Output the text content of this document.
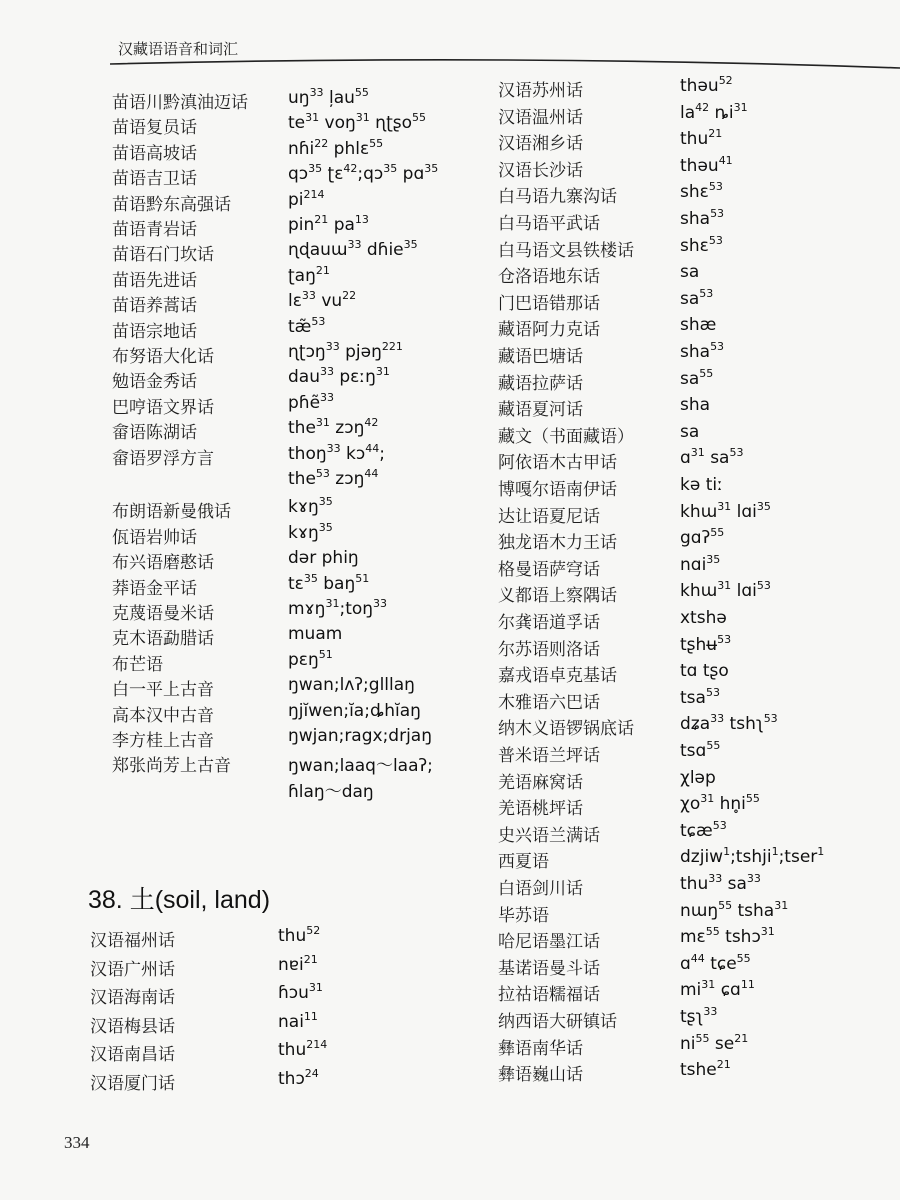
汉藏语语音和词汇
苗语川黔滇油迈话 $uŋ^{33}$ ļau$^{55}$
苗语复员话	$te^{31}$ voŋ$^{31}$ ɳʈʂo$^{55}$
苗语高坡话	nɦi$^{22}$ phlɛ$^{55}$
苗语吉卫话	qɔ$^{35}$ ʈɛ$^{42}$;qɔ$^{35}$ pɑ$^{35}$
苗语黔东高强话	$pi^{214}$
苗语青岩话	pin$^{21}$ $pa^{13}$
苗语石门坎话	ɳɖauɯ$^{33}$ dɦie$^{35}$
苗语先进话	ʈaŋ$^{21}$
苗语养蒿话	lɛ$^{33}$ $vu^{22}$
苗语宗地话	tæ̃$^{53}$
布努语大化话	ɳʈɔŋ$^{33}$ pjəŋ$^{221}$
勉语金秀话	dau$^{33}$ pɛːŋ$^{31}$
巴哼语文界话	pɦẽ$^{33}$
畲语陈湖话	the$^{31}$ zɔŋ$^{42}$
畲语罗浮方言	thoŋ$^{33}$ kɔ$^{44}$;
the$^{53}$ zɔŋ$^{44}$
布朗语新曼俄话	kɤŋ$^{35}$
佤语岩帅话	kɤŋ$^{35}$
布兴语磨憨话	dər phiŋ
莽语金平话	tɛ$^{35}$ baŋ$^{51}$
克蔑语曼米话	mɤŋ$^{31}$;toŋ$^{33}$
克木语勐腊话	muam
布芒语	pɛŋ$^{51}$
白一平上古音	ŋwan;lʌʔ;glllaŋ
高本汉中古音	ŋjĭwen;ĭa;ȡhĭaŋ
李方桂上古音	ŋwjan;ragx;drjaŋ
郑张尚芳上古音	ŋwan;laaq～laaʔ;
ɦlaŋ～daŋ
38. 土(soil, land)
汉语福州话	thu$^{52}$
汉语广州话	nɐi$^{21}$
汉语海南话	ɦɔu$^{31}$
汉语梅县话	nai$^{11}$
汉语南昌话	thu$^{214}$
汉语厦门话	thɔ$^{24}$
汉语苏州话	thəu$^{52}$
汉语温州话	$la^{42}$ $ȵi^{31}$
汉语湘乡话	thu$^{21}$
汉语长沙话	thəu$^{41}$
白马语九寨沟话	shɛ$^{53}$
白马语平武话	sha$^{53}$
白马语文县铁楼话	shɛ$^{53}$
仓洛语地东话	sa
门巴语错那话	$sa^{53}$
藏语阿力克话	shæ
藏语巴塘话	sha$^{53}$
藏语拉萨话	$sa^{55}$
藏语夏河话	sha
藏文（书面藏语）	sa
阿依语木古甲话	ɑ$^{31}$ $sa^{53}$
博嘎尔语南伊话	kə tiː
达让语夏尼话	khɯ$^{31}$ lɑi$^{35}$
独龙语木力王话	gɑʔ$^{55}$
格曼语萨穹话	nɑi$^{35}$
义都语上察隅话	khɯ$^{31}$ lɑi$^{53}$
尔龚语道孚话	xtshə
尔苏语则洛话	tʂhʉ$^{53}$
嘉戎语卓克基话	tɑ tʂo
木雅语六巴话	tsa$^{53}$
纳木义语锣锅底话	dʑa$^{33}$ tshʅ$^{53}$
普米语兰坪话	tsɑ$^{55}$
羌语麻窝话	χləp
羌语桃坪话	$\chi o^{31}$ $hn̥i^{55}$
史兴语兰满话	tɕæ$^{53}$
西夏语	dzjiw$^1$;tshji$^1$;tser$^1$
白语剑川话	thu$^{33}$ $sa^{33}$
毕苏语	nɯŋ$^{55}$ tsha$^{31}$
哈尼语墨江话	mɛ$^{55}$ tshɔ$^{31}$
基诺语曼斗话	ɑ$^{44}$ tɕe$^{55}$
拉祜语糯福话	$mi^{31}$ ɕɑ$^{11}$
纳西语大研镇话	tʂʅ$^{33}$
彝语南华话	$ni^{55}$ $se^{21}$
彝语巍山话	tshe$^{21}$
334
